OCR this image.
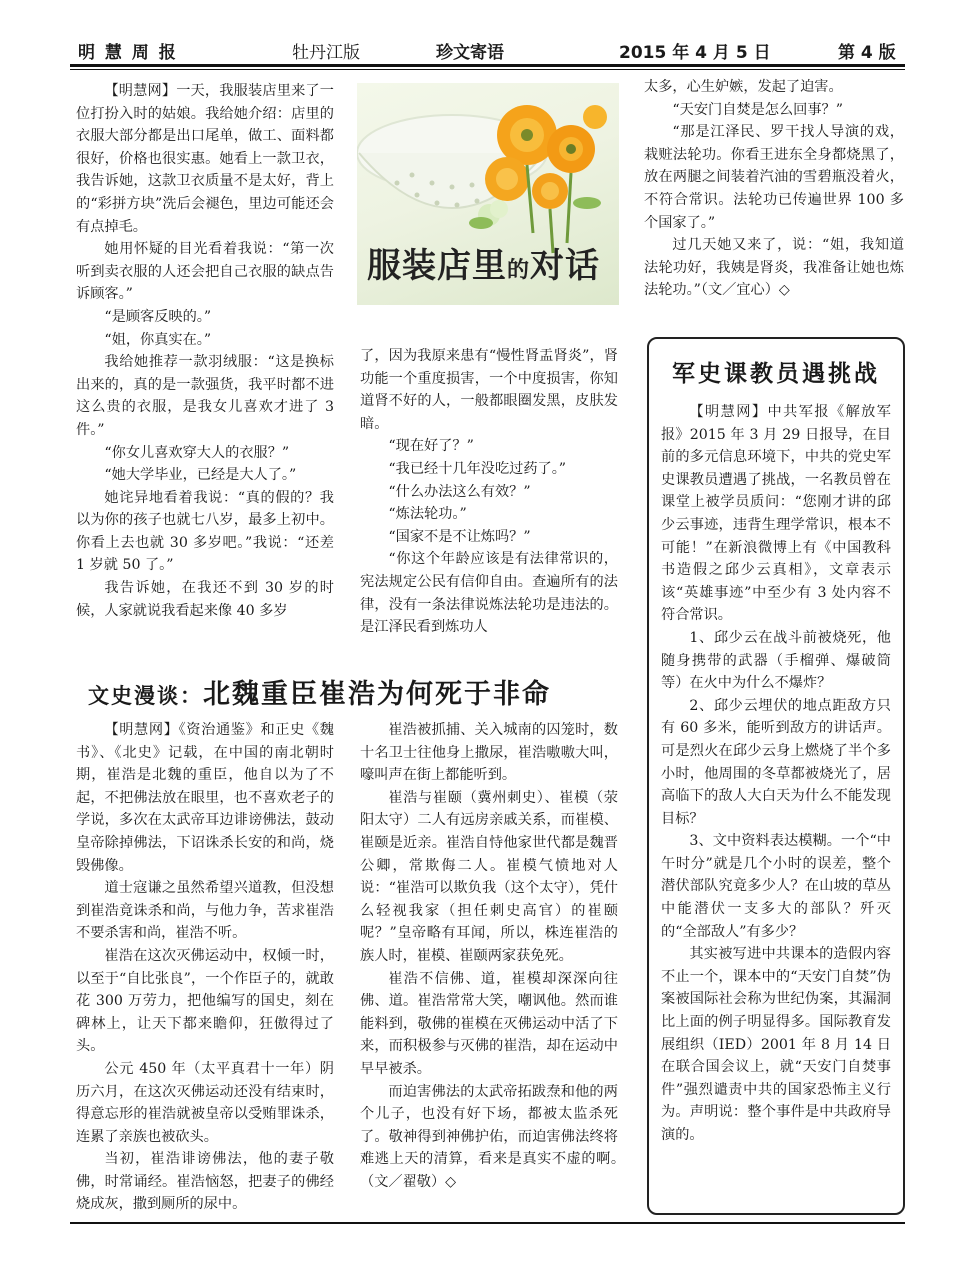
明 慧 周 报	牡丹江版	珍文寄语	2015 年 4 月 5 日	第 4 版
服装店里的对话

【明慧网】一天，我服装店里来了一位打扮入时的姑娘。我给她介绍：店里的衣服大部分都是出口尾单，做工、面料都很好，价格也很实惠。她看上一款卫衣，我告诉她，这款卫衣质量不是太好，背上的“彩拼方块”洗后会褪色，里边可能还会有点掉毛。

她用怀疑的目光看着我说：“第一次听到卖衣服的人还会把自己衣服的缺点告诉顾客。”

“是顾客反映的。”

“姐，你真实在。”

我给她推荐一款羽绒服：“这是换标出来的，真的是一款强货，我平时都不进这么贵的衣服，是我女儿喜欢才进了 3 件。”

“你女儿喜欢穿大人的衣服？”

“她大学毕业，已经是大人了。”

她诧异地看着我说：“真的假的？我以为你的孩子也就七八岁，最多上初中。你看上去也就 30 多岁吧。”我说：“还差 1 岁就 50 了。”

我告诉她，在我还不到 30 岁的时候，人家就说我看起来像 40 多岁

了，因为我原来患有“慢性肾盂肾炎”，肾功能一个重度损害，一个中度损害，你知道肾不好的人，一般都眼圈发黑，皮肤发暗。

“现在好了？”

“我已经十几年没吃过药了。”

“什么办法这么有效？”

“炼法轮功。”

“国家不是不让炼吗？”

“你这个年龄应该是有法律常识的，宪法规定公民有信仰自由。查遍所有的法律，没有一条法律说炼法轮功是违法的。是江泽民看到炼功人

太多，心生妒嫉，发起了迫害。

“天安门自焚是怎么回事？”

“那是江泽民、罗干找人导演的戏，栽赃法轮功。你看王进东全身都烧黑了，放在两腿之间装着汽油的雪碧瓶没着火，不符合常识。法轮功已传遍世界 100 多个国家了。”

过几天她又来了，说：“姐，我知道法轮功好，我姨是肾炎，我准备让她也炼法轮功。”（文／宜心）◇

文史漫谈：北魏重臣崔浩为何死于非命

【明慧网】《资治通鉴》和正史《魏书》、《北史》记载，在中国的南北朝时期，崔浩是北魏的重臣，他自以为了不起，不把佛法放在眼里，也不喜欢老子的学说，多次在太武帝耳边诽谤佛法，鼓动皇帝除掉佛法，下诏诛杀长安的和尚，烧毁佛像。

道士寇谦之虽然希望兴道教，但没想到崔浩竟诛杀和尚，与他力争，苦求崔浩不要杀害和尚，崔浩不听。

崔浩在这次灭佛运动中，权倾一时，以至于“自比张良”，一个作臣子的，就敢花 300 万劳力，把他编写的国史，刻在碑林上，让天下都来瞻仰，狂傲得过了头。

公元 450 年（太平真君十一年）阴历六月，在这次灭佛运动还没有结束时，得意忘形的崔浩就被皇帝以受贿罪诛杀，连累了亲族也被砍头。

当初，崔浩诽谤佛法，他的妻子敬佛，时常诵经。崔浩恼怒，把妻子的佛经烧成灰，撒到厕所的尿中。

崔浩被抓捕、关入城南的囚笼时，数十名卫士往他身上撒尿，崔浩嗷嗷大叫，嚎叫声在街上都能听到。

崔浩与崔颐（冀州刺史）、崔模（荥阳太守）二人有远房亲戚关系，而崔模、崔颐是近亲。崔浩自恃他家世代都是魏晋公卿，常欺侮二人。崔模气愤地对人说：“崔浩可以欺负我（这个太守），凭什么轻视我家（担任刺史高官）的崔颐呢？”皇帝略有耳闻，所以，株连崔浩的族人时，崔模、崔颐两家获免死。

崔浩不信佛、道，崔模却深深向往佛、道。崔浩常常大笑，嘲讽他。然而谁能料到，敬佛的崔模在灭佛运动中活了下来，而积极参与灭佛的崔浩，却在运动中早早被杀。

而迫害佛法的太武帝拓跋焘和他的两个儿子，也没有好下场，都被太监杀死了。敬神得到神佛护佑，而迫害佛法终将难逃上天的清算，看来是真实不虚的啊。　（文／翟敬）◇

军史课教员遇挑战

【明慧网】中共军报《解放军报》2015 年 3 月 29 日报导，在目前的多元信息环境下，中共的党史军史课教员遭遇了挑战，一名教员曾在课堂上被学员质问：“您刚才讲的邱少云事迹，违背生理学常识，根本不可能！”在新浪微博上有《中国教科书造假之邱少云真相》，文章表示该“英雄事迹”中至少有 3 处内容不符合常识。

1、邱少云在战斗前被烧死，他随身携带的武器（手榴弹、爆破筒等）在火中为什么不爆炸？

2、邱少云埋伏的地点距敌方只有 60 多米，能听到敌方的讲话声。可是烈火在邱少云身上燃烧了半个多小时，他周围的冬草都被烧光了，居高临下的敌人大白天为什么不能发现目标？

3、文中资料表达模糊。一个“中午时分”就是几个小时的误差，整个潜伏部队究竟多少人？在山坡的草丛中能潜伏一支多大的部队？歼灭的“全部敌人”有多少？

其实被写进中共课本的造假内容不止一个，课本中的“天安门自焚”伪案被国际社会称为世纪伪案，其漏洞比上面的例子明显得多。国际教育发展组织（IED）2001 年 8 月 14 日在联合国会议上，就“天安门自焚事件”强烈谴责中共的国家恐怖主义行为。声明说：整个事件是中共政府导演的。
